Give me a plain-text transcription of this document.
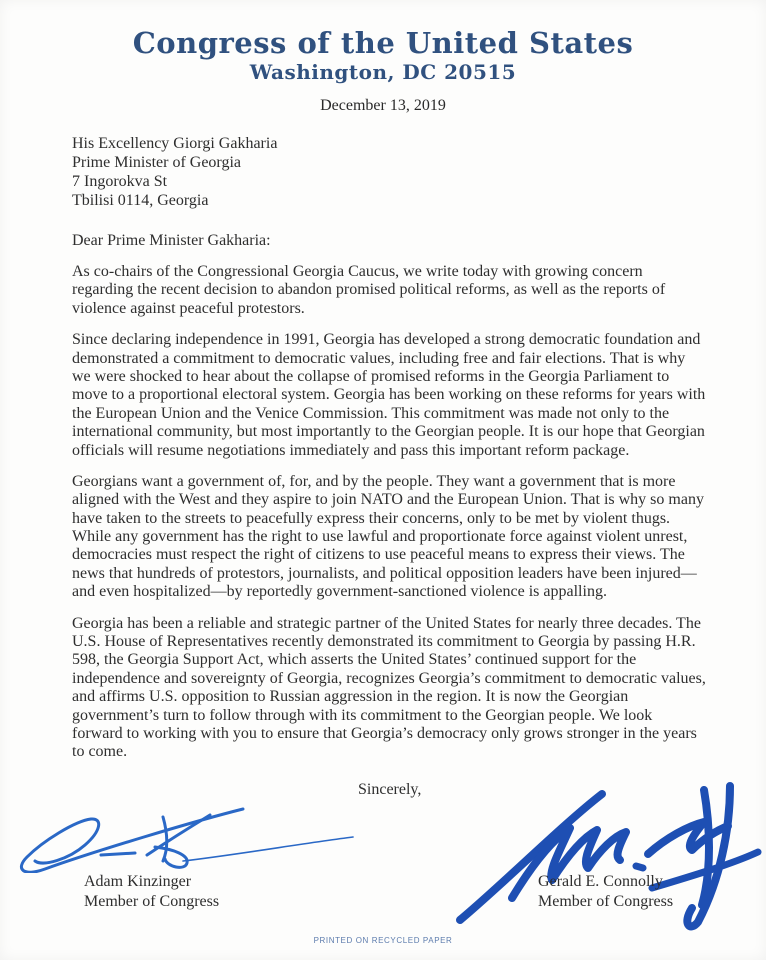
Congress of the United States
Washington, DC 20515
December 13, 2019
His Excellency Giorgi Gakharia
Prime Minister of Georgia
7 Ingorokva St
Tbilisi 0114, Georgia
Dear Prime Minister Gakharia:

As co-chairs of the Congressional Georgia Caucus, we write today with growing concern regarding the recent decision to abandon promised political reforms, as well as the reports of violence against peaceful protestors.

Since declaring independence in 1991, Georgia has developed a strong democratic foundation and demonstrated a commitment to democratic values, including free and fair elections. That is why we were shocked to hear about the collapse of promised reforms in the Georgia Parliament to move to a proportional electoral system. Georgia has been working on these reforms for years with the European Union and the Venice Commission. This commitment was made not only to the international community, but most importantly to the Georgian people. It is our hope that Georgian officials will resume negotiations immediately and pass this important reform package.

Georgians want a government of, for, and by the people. They want a government that is more aligned with the West and they aspire to join NATO and the European Union. That is why so many have taken to the streets to peacefully express their concerns, only to be met by violent thugs. While any government has the right to use lawful and proportionate force against violent unrest, democracies must respect the right of citizens to use peaceful means to express their views. The news that hundreds of protestors, journalists, and political opposition leaders have been injured—and even hospitalized—by reportedly government-sanctioned violence is appalling.

Georgia has been a reliable and strategic partner of the United States for nearly three decades. The U.S. House of Representatives recently demonstrated its commitment to Georgia by passing H.R. 598, the Georgia Support Act, which asserts the United States’ continued support for the independence and sovereignty of Georgia, recognizes Georgia’s commitment to democratic values, and affirms U.S. opposition to Russian aggression in the region. It is now the Georgian government’s turn to follow through with its commitment to the Georgian people. We look forward to working with you to ensure that Georgia’s democracy only grows stronger in the years to come.

Sincerely,
Adam Kinzinger
Member of Congress
Gerald E. Connolly
Member of Congress
PRINTED ON RECYCLED PAPER
